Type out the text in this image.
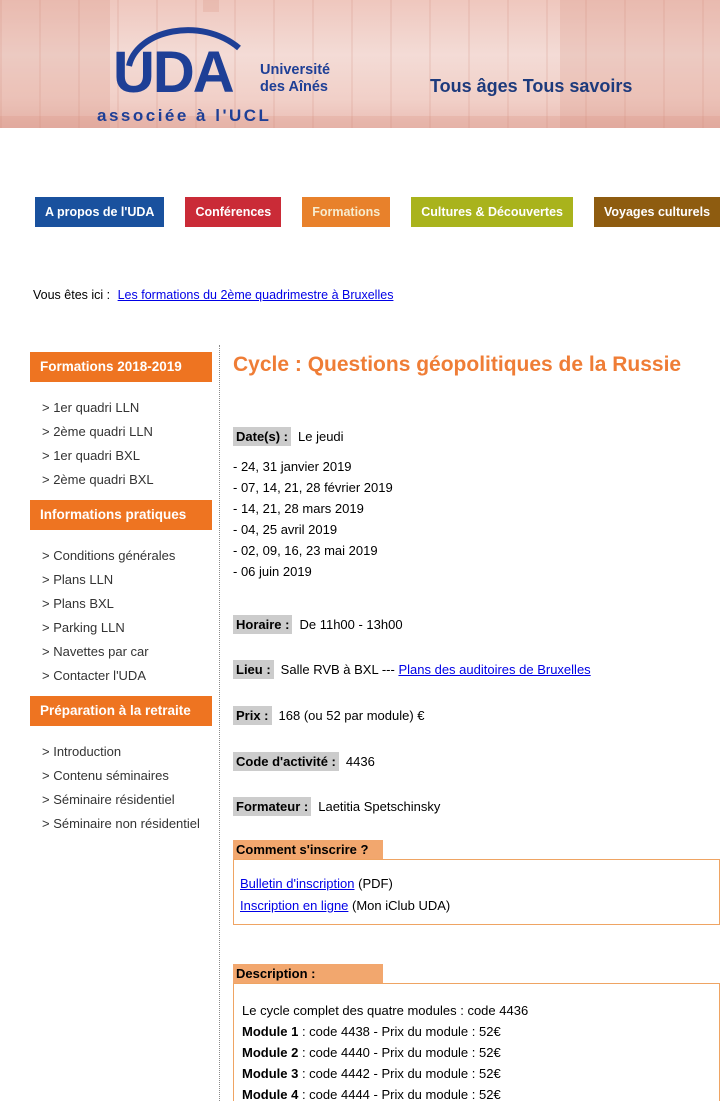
UDA Université
des Aînés
associée à l'UCL
Tous âges Tous savoirs
A propos de l'UDA	Conférences	Formations	Cultures & Découvertes	Voyages culturels
Vous êtes ici : Les formations du 2ème quadrimestre à Bruxelles
Formations 2018-2019
> 1er quadri LLN
> 2ème quadri LLN
> 1er quadri BXL
> 2ème quadri BXL
Informations pratiques
> Conditions générales
> Plans LLN
> Plans BXL
> Parking LLN
> Navettes par car
> Contacter l'UDA
Préparation à la retraite
> Introduction
> Contenu séminaires
> Séminaire résidentiel
> Séminaire non résidentiel
Cycle : Questions géopolitiques de la Russie

Date(s) : Le jeudi

- 24, 31 janvier 2019
- 07, 14, 21, 28 février 2019
- 14, 21, 28 mars 2019
- 04, 25 avril 2019
- 02, 09, 16, 23 mai 2019
- 06 juin 2019

Horaire : De 11h00 - 13h00

Lieu : Salle RVB à BXL --- Plans des auditoires de Bruxelles

Prix : 168 (ou 52 par module) €

Code d'activité : 4436

Formateur : Laetitia Spetschinsky

Comment s'inscrire ?
Bulletin d'inscription (PDF)
Inscription en ligne (Mon iClub UDA)
Description :
Le cycle complet des quatre modules : code 4436
Module 1 : code 4438 - Prix du module : 52€
Module 2 : code 4440 - Prix du module : 52€
Module 3 : code 4442 - Prix du module : 52€
Module 4 : code 4444 - Prix du module : 52€
